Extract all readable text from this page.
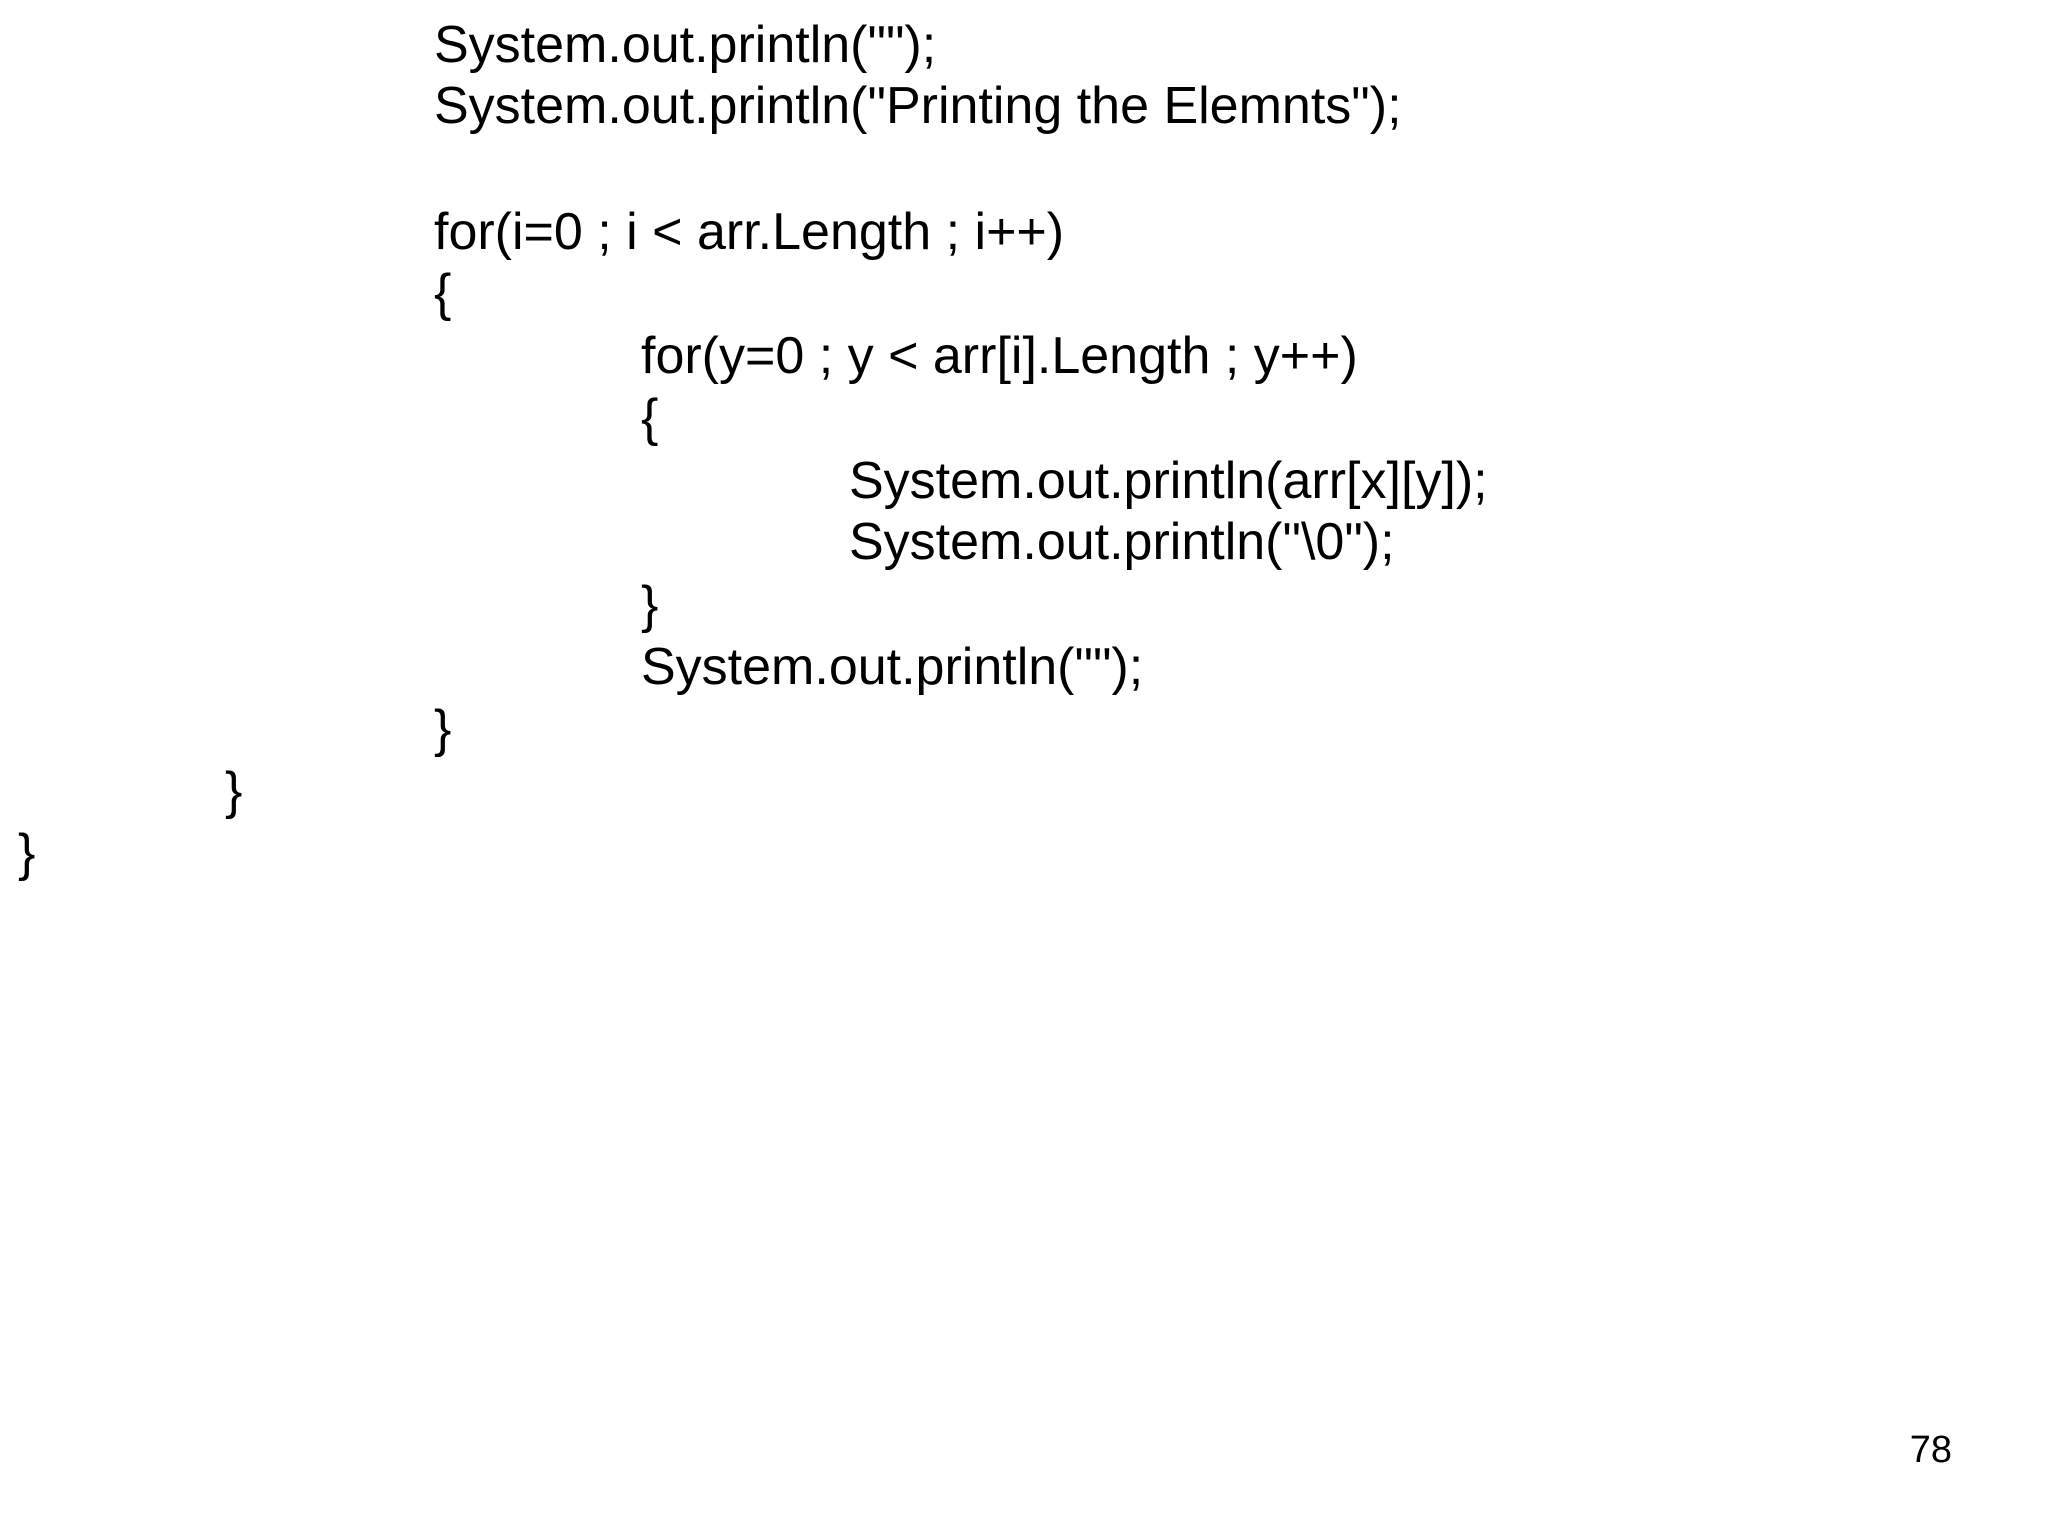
System.out.println("");
System.out.println("Printing the Elemnts");
for(i=0 ; i < arr.Length ; i++)
{
for(y=0 ; y < arr[i].Length ; y++)
{
System.out.println(arr[x][y]);
System.out.println("\0");
}
System.out.println("");
}
}
}
78
